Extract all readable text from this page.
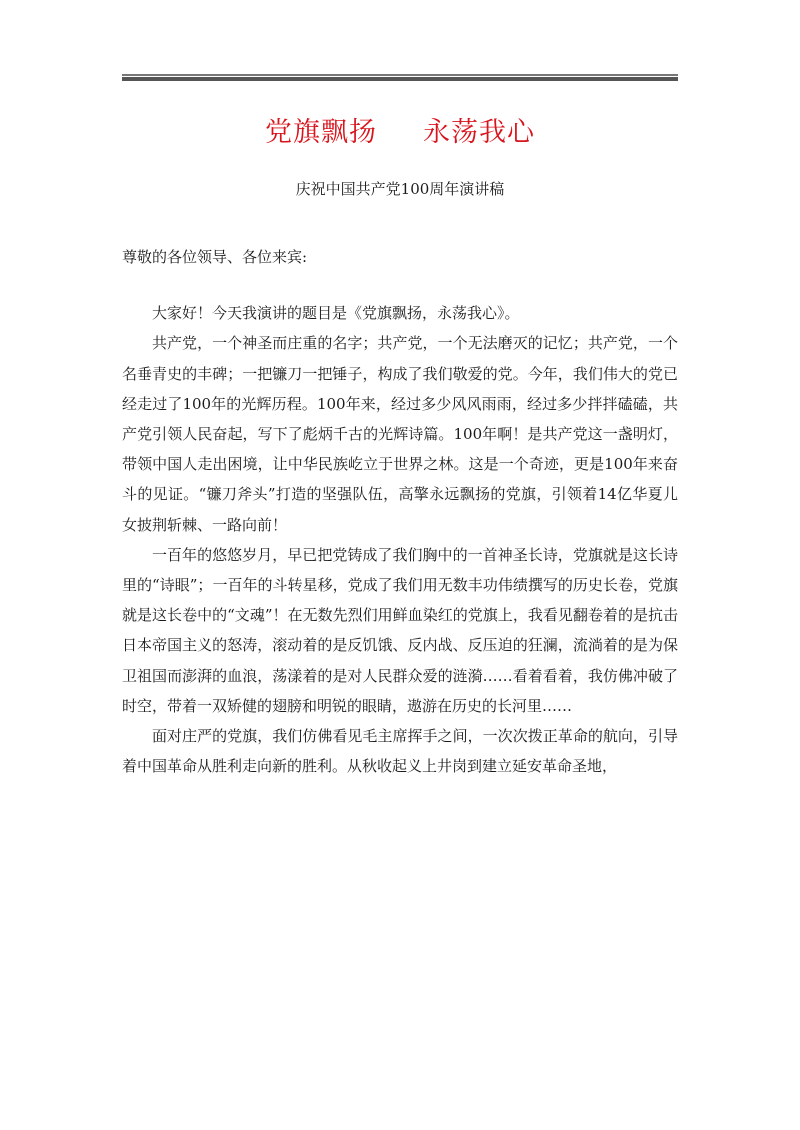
党旗飘扬 永荡我心
庆祝中国共产党100周年演讲稿

尊敬的各位领导、各位来宾:

大家好！今天我演讲的题目是《党旗飘扬，永荡我心》。

共产党，一个神圣而庄重的名字；共产党，一个无法磨灭的记忆；共产党，一个名垂青史的丰碑；一把镰刀一把锤子，构成了我们敬爱的党。今年，我们伟大的党已经走过了100年的光辉历程。100年来，经过多少风风雨雨，经过多少拌拌磕磕，共产党引领人民奋起，写下了彪炳千古的光辉诗篇。100年啊！是共产党这一盏明灯，带领中国人走出困境，让中华民族屹立于世界之林。这是一个奇迹，更是100年来奋斗的见证。“镰刀斧头”打造的坚强队伍，高擎永远飘扬的党旗，引领着14亿华夏儿女披荆斩棘、一路向前！

一百年的悠悠岁月，早已把党铸成了我们胸中的一首神圣长诗，党旗就是这长诗里的“诗眼”；一百年的斗转星移，党成了我们用无数丰功伟绩撰写的历史长卷，党旗就是这长卷中的“文魂”！在无数先烈们用鲜血染红的党旗上，我看见翻卷着的是抗击日本帝国主义的怒涛，滚动着的是反饥饿、反内战、反压迫的狂澜，流淌着的是为保卫祖国而澎湃的血浪，荡漾着的是对人民群众爱的涟漪……看着看着，我仿佛冲破了时空，带着一双矫健的翅膀和明锐的眼睛，遨游在历史的长河里……

面对庄严的党旗，我们仿佛看见毛主席挥手之间，一次次拨正革命的航向，引导着中国革命从胜利走向新的胜利。从秋收起义上井岗到建立延安革命圣地，
